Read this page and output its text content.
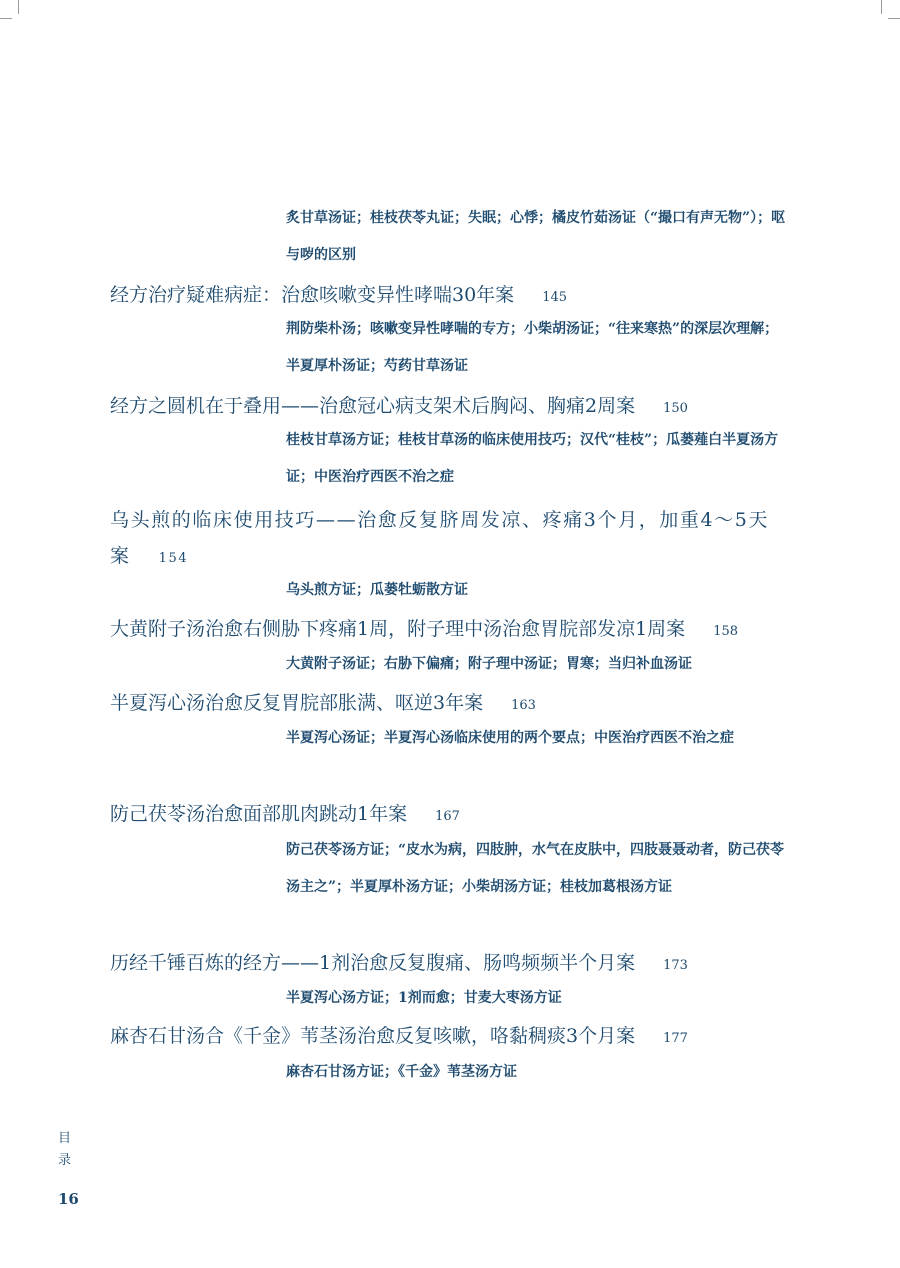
炙甘草汤证；桂枝茯苓丸证；失眠；心悸；橘皮竹茹汤证（“撮口有声无物”）；呕与哕的区别
经方治疗疑难病症：治愈咳嗽变异性哮喘30年案 145
荆防柴朴汤；咳嗽变异性哮喘的专方；小柴胡汤证；“往来寒热”的深层次理解；半夏厚朴汤证；芍药甘草汤证
经方之圆机在于叠用——治愈冠心病支架术后胸闷、胸痛2周案 150
桂枝甘草汤方证；桂枝甘草汤的临床使用技巧；汉代“桂枝”；瓜蒌薤白半夏汤方证；中医治疗西医不治之症
乌头煎的临床使用技巧——治愈反复脐周发凉、疼痛3个月，加重4～5天案 154
乌头煎方证；瓜蒌牡蛎散方证
大黄附子汤治愈右侧胁下疼痛1周，附子理中汤治愈胃脘部发凉1周案 158
大黄附子汤证；右胁下偏痛；附子理中汤证；胃寒；当归补血汤证
半夏泻心汤治愈反复胃脘部胀满、呕逆3年案 163
半夏泻心汤证；半夏泻心汤临床使用的两个要点；中医治疗西医不治之症
防己茯苓汤治愈面部肌肉跳动1年案 167
防己茯苓汤方证；“皮水为病，四肢肿，水气在皮肤中，四肢聂聂动者，防己茯苓汤主之”；半夏厚朴汤方证；小柴胡汤方证；桂枝加葛根汤方证
历经千锤百炼的经方——1剂治愈反复腹痛、肠鸣频频半个月案 173
半夏泻心汤方证；1剂而愈；甘麦大枣汤方证
麻杏石甘汤合《千金》苇茎汤治愈反复咳嗽，咯黏稠痰3个月案 177
麻杏石甘汤方证；《千金》苇茎汤方证
目录
16
